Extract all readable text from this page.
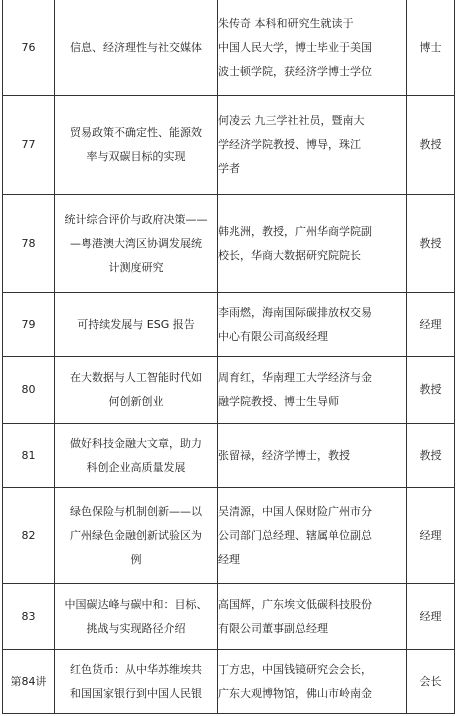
76	信息、经济理性与社交媒体	朱传奇 本科和研究生就读于
中国人民大学，博士毕业于美国
波士顿学院，获经济学博士学位	博士
77	贸易政策不确定性、能源效
率与双碳目标的实现	何凌云 九三学社社员，暨南大
学经济学院教授、博导，珠江
学者	教授
78	统计综合评价与政府决策——
—粤港澳大湾区协调发展统
计测度研究	韩兆洲，教授，广州华商学院副
校长，华商大数据研究院院长	教授
79	可持续发展与 ESG 报告	李雨燃，海南国际碳排放权交易
中心有限公司高级经理	经理
80	在大数据与人工智能时代如
何创新创业	周育红，华南理工大学经济与金
融学院教授、博士生导师	教授
81	做好科技金融大文章，助力
科创企业高质量发展	张留禄，经济学博士，教授	教授
82	绿色保险与机制创新——以
广州绿色金融创新试验区为
例	吴清源，中国人保财险广州市分
公司部门总经理、辖属单位副总
经理	经理
83	中国碳达峰与碳中和：目标、
挑战与实现路径介绍	高国辉，广东埃文低碳科技股份
有限公司董事副总经理	经理
第84讲	红色货币：从中华苏维埃共
和国国家银行到中国人民银	丁方忠，中国钱镜研究会会长，
广东大观博物馆，佛山市岭南金	会长
